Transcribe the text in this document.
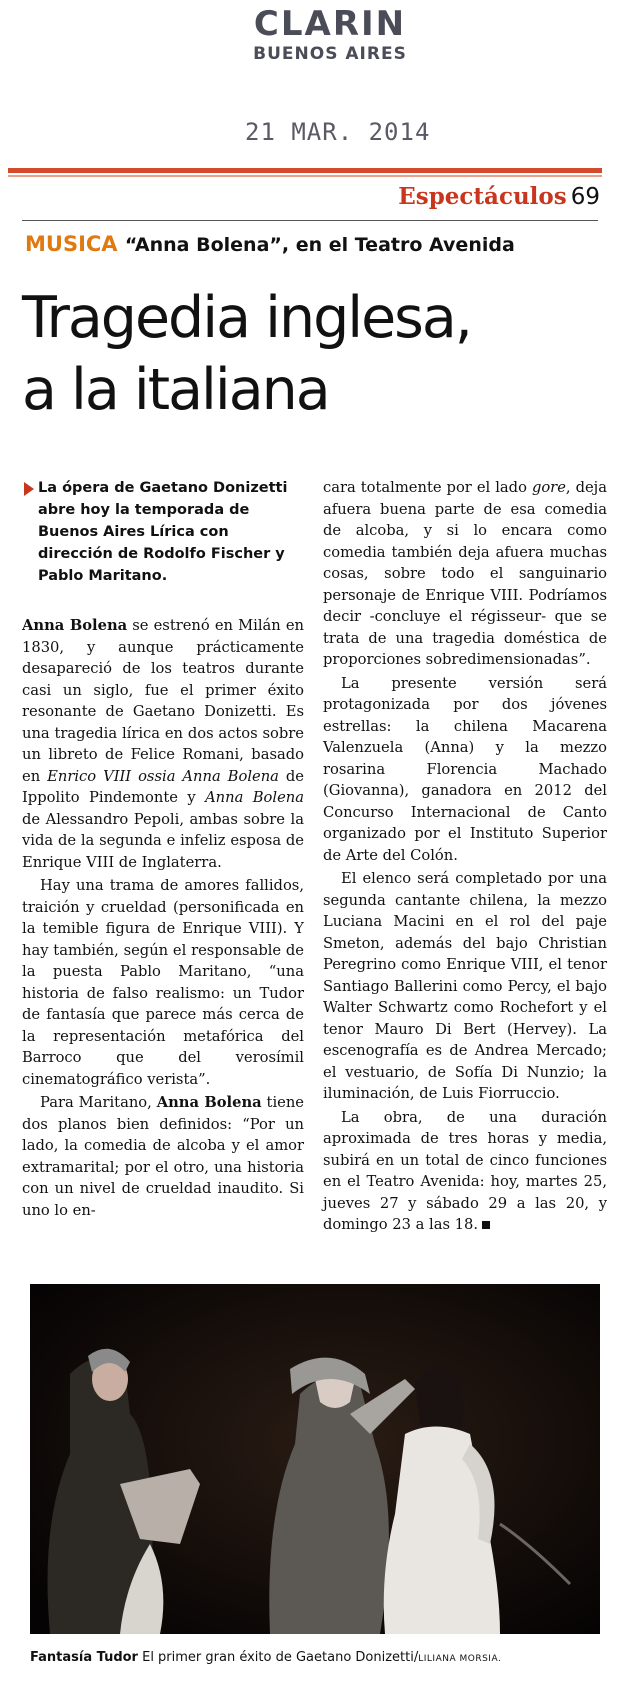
CLARIN
BUENOS AIRES
21 MAR. 2014
Espectáculos 69
MUSICA “Anna Bolena”, en el Teatro Avenida
Tragedia inglesa,
a la italiana
La ópera de Gaetano Donizetti abre hoy la temporada de Buenos Aires Lírica con dirección de Rodolfo Fischer y Pablo Maritano.

Anna Bolena se estrenó en Milán en 1830, y aunque prácticamente desapareció de los teatros durante casi un siglo, fue el primer éxito resonante de Gaetano Donizetti. Es una tragedia lírica en dos actos sobre un libreto de Felice Romani, basado en Enrico VIII ossia Anna Bolena de Ippolito Pindemonte y Anna Bolena de Alessandro Pepoli, ambas sobre la vida de la segunda e infeliz esposa de Enrique VIII de Inglaterra.

Hay una trama de amores fallidos, traición y crueldad (personificada en la temible figura de Enrique VIII). Y hay también, según el responsable de la puesta Pablo Maritano, “una historia de falso realismo: un Tudor de fantasía que parece más cerca de la representación metafórica del Barroco que del verosímil cinematográfico verista”.

Para Maritano, Anna Bolena tiene dos planos bien definidos: “Por un lado, la comedia de alcoba y el amor extramarital; por el otro, una historia con un nivel de crueldad inaudito. Si uno lo en-

cara totalmente por el lado gore, deja afuera buena parte de esa comedia de alcoba, y si lo encara como comedia también deja afuera muchas cosas, sobre todo el sanguinario personaje de Enrique VIII. Podríamos decir -concluye el régisseur- que se trata de una tragedia doméstica de proporciones sobredimensionadas”.

La presente versión será protagonizada por dos jóvenes estrellas: la chilena Macarena Valenzuela (Anna) y la mezzo rosarina Florencia Machado (Giovanna), ganadora en 2012 del Concurso Internacional de Canto organizado por el Instituto Superior de Arte del Colón.

El elenco será completado por una segunda cantante chilena, la mezzo Luciana Macini en el rol del paje Smeton, además del bajo Christian Peregrino como Enrique VIII, el tenor Santiago Ballerini como Percy, el bajo Walter Schwartz como Rochefort y el tenor Mauro Di Bert (Hervey). La escenografía es de Andrea Mercado; el vestuario, de Sofía Di Nunzio; la iluminación, de Luis Fiorruccio.

La obra, de una duración aproximada de tres horas y media, subirá en un total de cinco funciones en el Teatro Avenida: hoy, martes 25, jueves 27 y sábado 29 a las 20, y domingo 23 a las 18.

Fantasía Tudor El primer gran éxito de Gaetano Donizetti/LILIANA MORSIA.
